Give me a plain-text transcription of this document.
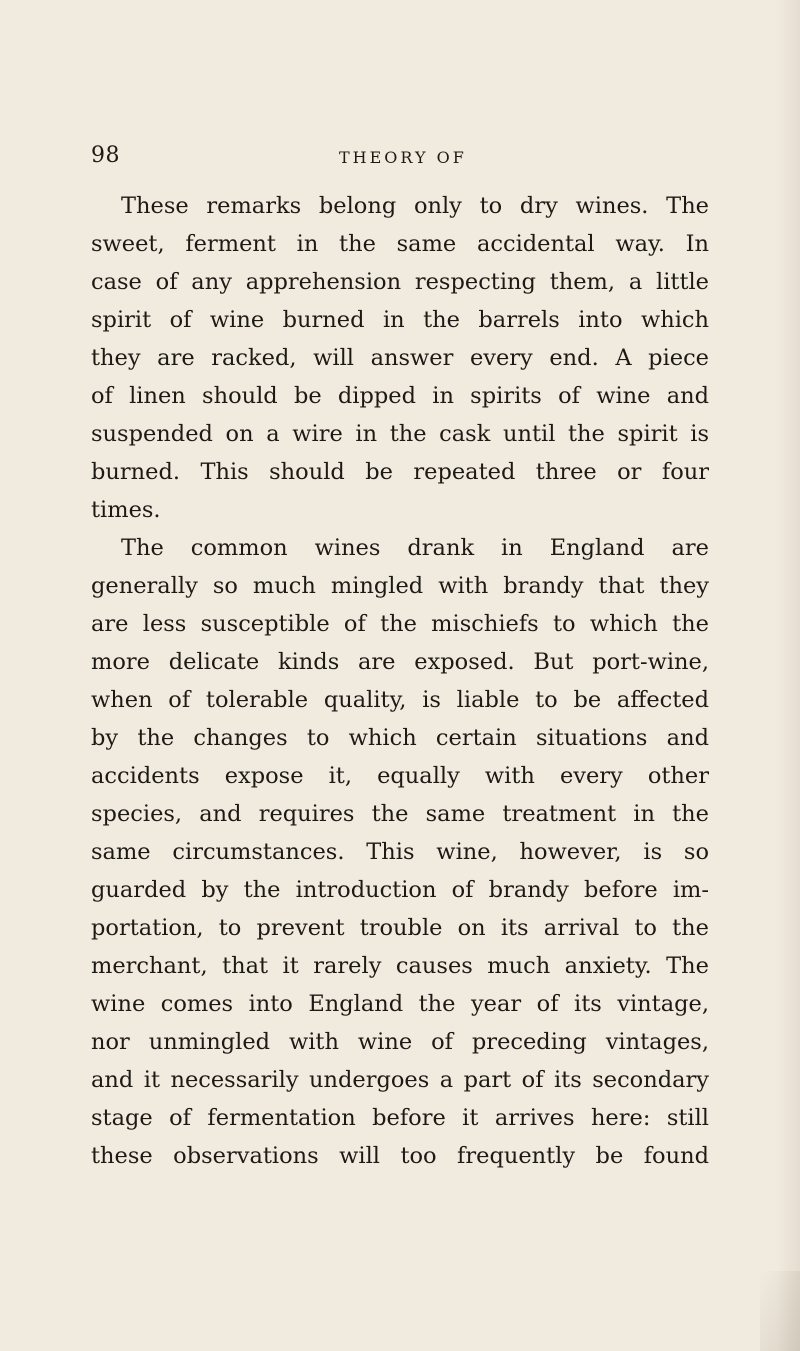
98	THEORY OF
These remarks belong only to dry wines. The
sweet, ferment in the same accidental way. In
case of any apprehension respecting them, a little
spirit of wine burned in the barrels into which
they are racked, will answer every end. A piece
of linen should be dipped in spirits of wine and
suspended on a wire in the cask until the spirit is
burned. This should be repeated three or four
times.
The common wines drank in England are
generally so much mingled with brandy that they
are less susceptible of the mischiefs to which the
more delicate kinds are exposed. But port-wine,
when of tolerable quality, is liable to be affected
by the changes to which certain situations and
accidents expose it, equally with every other
species, and requires the same treatment in the
same circumstances. This wine, however, is so
guarded by the introduction of brandy before im-
portation, to prevent trouble on its arrival to the
merchant, that it rarely causes much anxiety. The
wine comes into England the year of its vintage,
nor unmingled with wine of preceding vintages,
and it necessarily undergoes a part of its secondary
stage of fermentation before it arrives here: still
these observations will too frequently be found
